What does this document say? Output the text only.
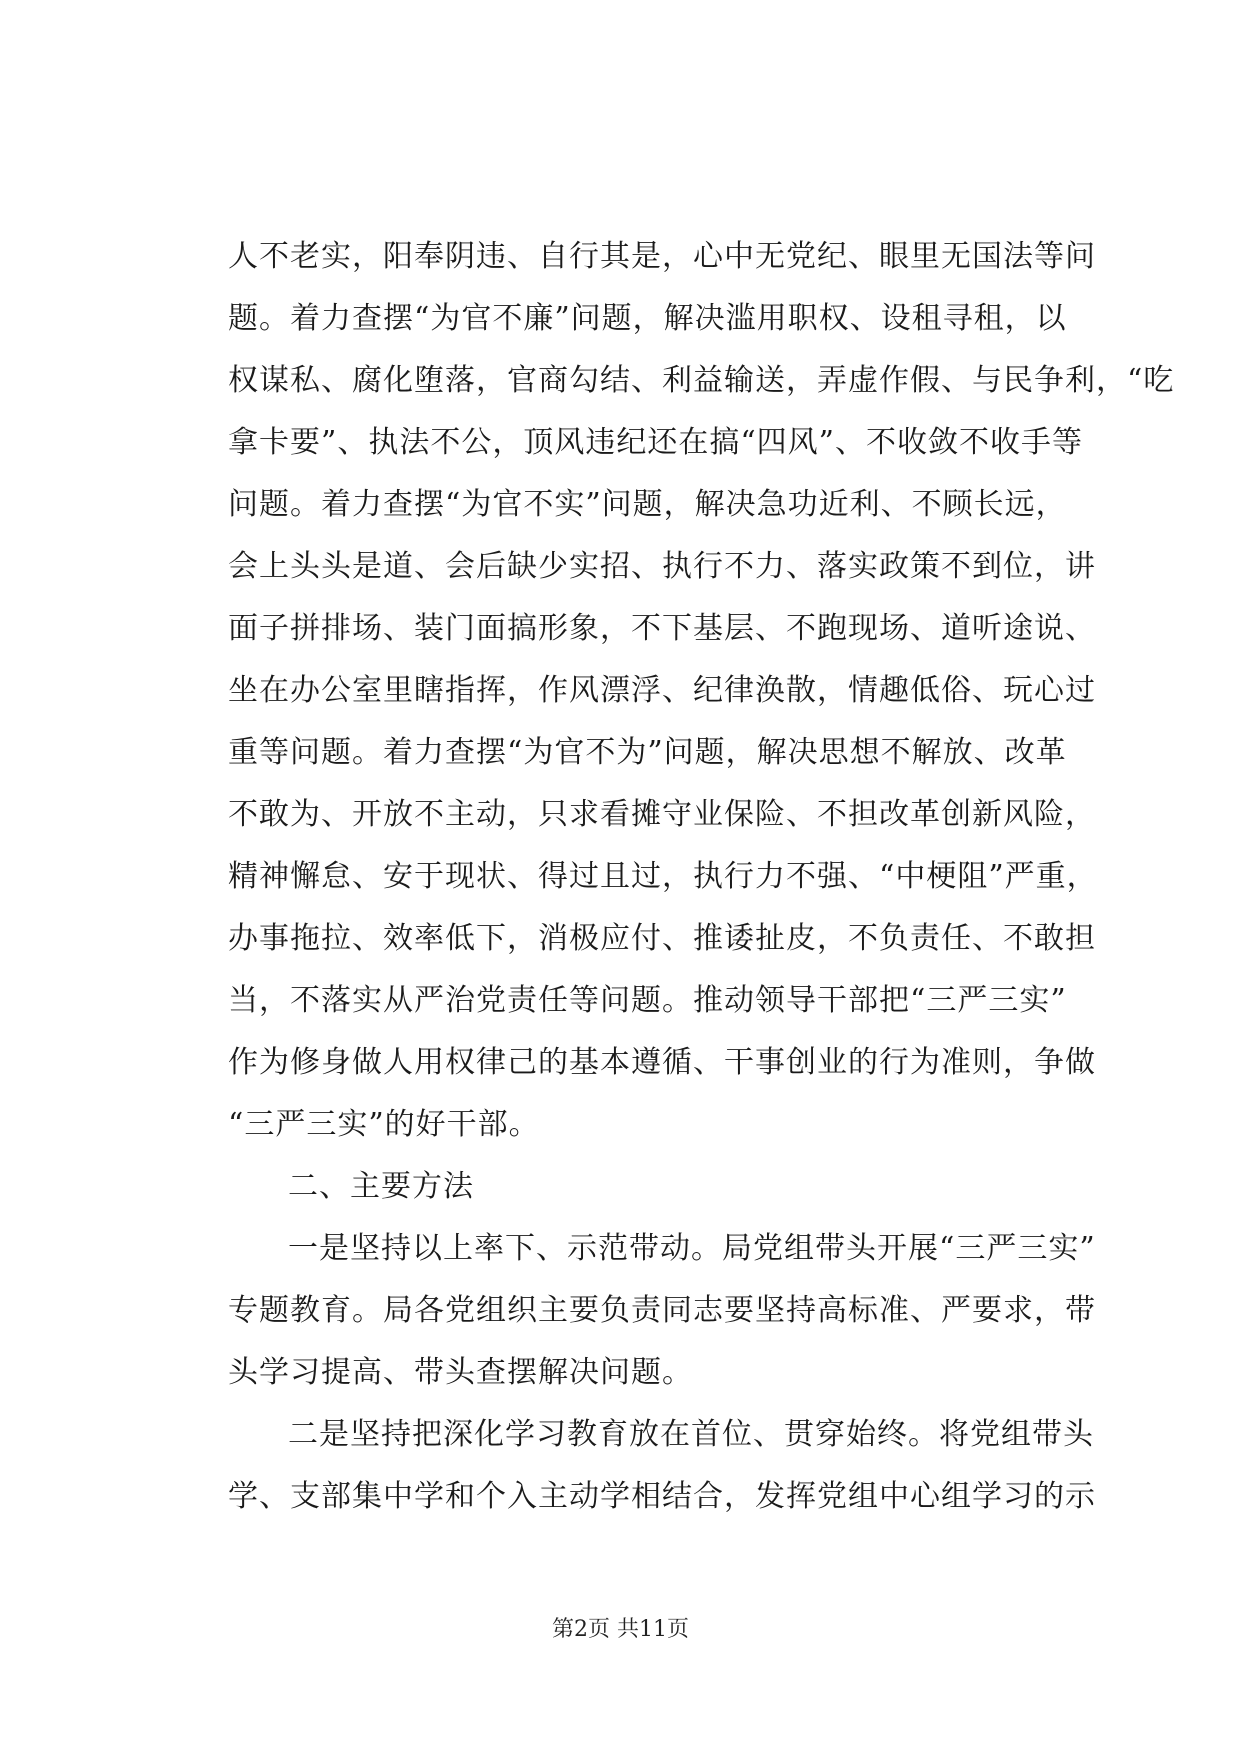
人不老实，阳奉阴违、自行其是，心中无党纪、眼里无国法等问
题。着力查摆“为官不廉”问题，解决滥用职权、设租寻租，以
权谋私、腐化堕落，官商勾结、利益输送，弄虚作假、与民争利，“吃
拿卡要”、执法不公，顶风违纪还在搞“四风”、不收敛不收手等
问题。着力查摆“为官不实”问题，解决急功近利、不顾长远，
会上头头是道、会后缺少实招、执行不力、落实政策不到位，讲
面子拼排场、装门面搞形象，不下基层、不跑现场、道听途说、
坐在办公室里瞎指挥，作风漂浮、纪律涣散，情趣低俗、玩心过
重等问题。着力查摆“为官不为”问题，解决思想不解放、改革
不敢为、开放不主动，只求看摊守业保险、不担改革创新风险，
精神懈怠、安于现状、得过且过，执行力不强、“中梗阻”严重，
办事拖拉、效率低下，消极应付、推诿扯皮，不负责任、不敢担
当，不落实从严治党责任等问题。推动领导干部把“三严三实”
作为修身做人用权律己的基本遵循、干事创业的行为准则，争做
“三严三实”的好干部。
二、主要方法
一是坚持以上率下、示范带动。局党组带头开展“三严三实”
专题教育。局各党组织主要负责同志要坚持高标准、严要求，带
头学习提高、带头查摆解决问题。
二是坚持把深化学习教育放在首位、贯穿始终。将党组带头
学、支部集中学和个入主动学相结合，发挥党组中心组学习的示
第2页 共11页
